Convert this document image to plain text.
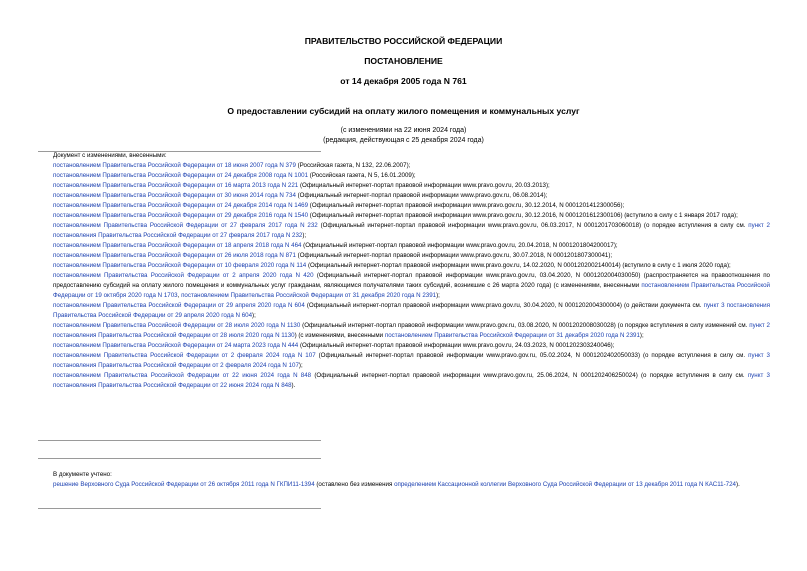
ПРАВИТЕЛЬСТВО РОССИЙСКОЙ ФЕДЕРАЦИИ
ПОСТАНОВЛЕНИЕ
от 14 декабря 2005 года N 761
О предоставлении субсидий на оплату жилого помещения и коммунальных услуг
(с изменениями на 22 июня 2024 года)
(редакция, действующая с 25 декабря 2024 года)
Документ с изменениями, внесенными:
постановлением Правительства Российской Федерации от 18 июня 2007 года N 379 (Российская газета, N 132, 22.06.2007);
постановлением Правительства Российской Федерации от 24 декабря 2008 года N 1001 (Российская газета, N 5, 16.01.2009);
постановлением Правительства Российской Федерации от 16 марта 2013 года N 221 (Официальный интернет-портал правовой информации www.pravo.gov.ru, 20.03.2013);
постановлением Правительства Российской Федерации от 30 июня 2014 года N 734 (Официальный интернет-портал правовой информации www.pravo.gov.ru, 06.08.2014);
постановлением Правительства Российской Федерации от 24 декабря 2014 года N 1469 (Официальный интернет-портал правовой информации www.pravo.gov.ru, 30.12.2014, N 0001201412300056);
постановлением Правительства Российской Федерации от 29 декабря 2016 года N 1540 (Официальный интернет-портал правовой информации www.pravo.gov.ru, 30.12.2016, N 0001201612300106) (вступило в силу с 1 января 2017 года);
постановлением Правительства Российской Федерации от 27 февраля 2017 года N 232 (Официальный интернет-портал правовой информации www.pravo.gov.ru, 06.03.2017, N 0001201703060018) (о порядке вступления в силу см. пункт 2 постановления Правительства Российской Федерации от 27 февраля 2017 года N 232);
постановлением Правительства Российской Федерации от 18 апреля 2018 года N 464 (Официальный интернет-портал правовой информации www.pravo.gov.ru, 20.04.2018, N 0001201804200017);
постановлением Правительства Российской Федерации от 26 июля 2018 года N 871 (Официальный интернет-портал правовой информации www.pravo.gov.ru, 30.07.2018, N 0001201807300041);
постановлением Правительства Российской Федерации от 10 февраля 2020 года N 114 (Официальный интернет-портал правовой информации www.pravo.gov.ru, 14.02.2020, N 0001202002140014) (вступило в силу с 1 июля 2020 года);
постановлением Правительства Российской Федерации от 2 апреля 2020 года N 420 (Официальный интернет-портал правовой информации www.pravo.gov.ru, 03.04.2020, N 0001202004030050) (распространяется на правоотношения по предоставлению субсидий на оплату жилого помещения и коммунальных услуг гражданам, являющимся получателями таких субсидий, возникшие с 26 марта 2020 года) (с изменениями, внесенными постановлением Правительства Российской Федерации от 19 октября 2020 года N 1703, постановлением Правительства Российской Федерации от 31 декабря 2020 года N 2391);
постановлением Правительства Российской Федерации от 29 апреля 2020 года N 604 (Официальный интернет-портал правовой информации www.pravo.gov.ru, 30.04.2020, N 0001202004300004) (о действии документа см. пункт 3 постановления Правительства Российской Федерации от 29 апреля 2020 года N 604);
постановлением Правительства Российской Федерации от 28 июля 2020 года N 1130 (Официальный интернет-портал правовой информации www.pravo.gov.ru, 03.08.2020, N 0001202008030028) (о порядке вступления в силу изменений см. пункт 2 постановления Правительства Российской Федерации от 28 июля 2020 года N 1130) (с изменениями, внесенными постановлением Правительства Российской Федерации от 31 декабря 2020 года N 2391);
постановлением Правительства Российской Федерации от 24 марта 2023 года N 444 (Официальный интернет-портал правовой информации www.pravo.gov.ru, 24.03.2023, N 0001202303240046);
постановлением Правительства Российской Федерации от 2 февраля 2024 года N 107 (Официальный интернет-портал правовой информации www.pravo.gov.ru, 05.02.2024, N 0001202402050033) (о порядке вступления в силу см. пункт 3 постановления Правительства Российской Федерации от 2 февраля 2024 года N 107);
постановлением Правительства Российской Федерации от 22 июня 2024 года N 848 (Официальный интернет-портал правовой информации www.pravo.gov.ru, 25.06.2024, N 0001202406250024) (о порядке вступления в силу см. пункт 3 постановления Правительства Российской Федерации от 22 июня 2024 года N 848).
В документе учтено:
решение Верховного Суда Российской Федерации от 26 октября 2011 года N ГКПИ11-1394 (оставлено без изменения определением Кассационной коллегии Верховного Суда Российской Федерации от 13 декабря 2011 года N КАС11-724).
